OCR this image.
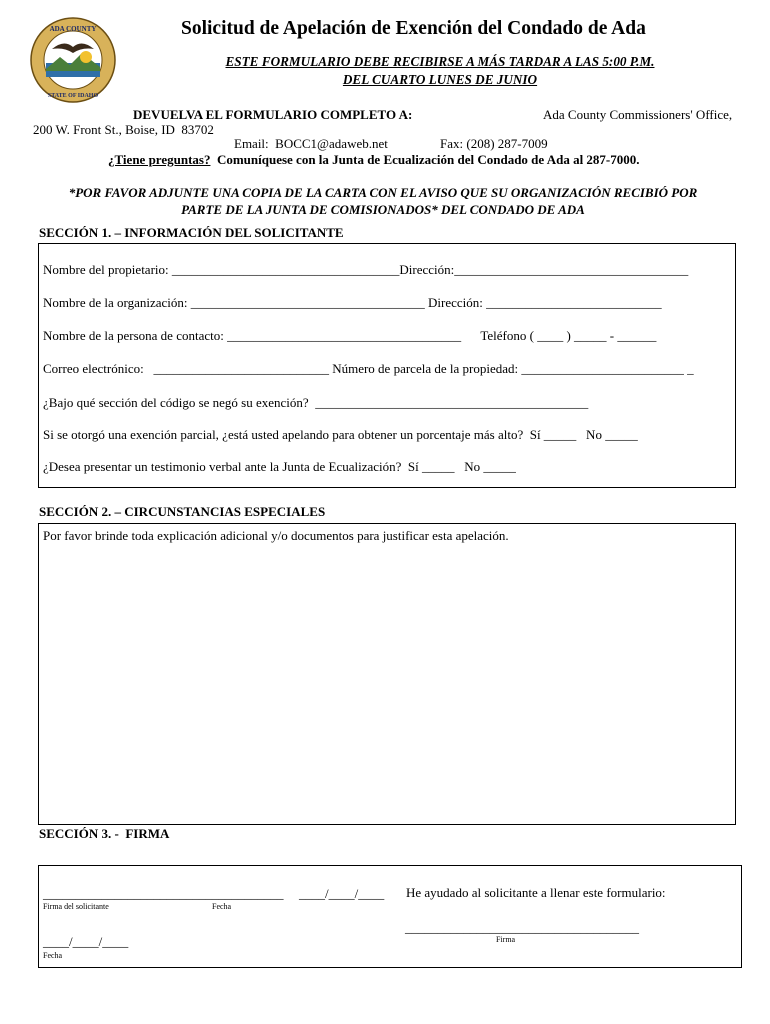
ADA COUNTY
STATE OF IDAHO
Solicitud de Apelación de Exención del Condado de Ada
ESTE FORMULARIO DEBE RECIBIRSE A MÁS TARDAR A LAS 5:00 P.M.
DEL CUARTO LUNES DE JUNIO
DEVUELVA EL FORMULARIO COMPLETO A:	Ada County Commissioners' Office,
200 W. Front St., Boise, ID  83702
Email:  BOCC1@adaweb.net	Fax: (208) 287-7009
¿Tiene preguntas?  Comuníquese con la Junta de Ecualización del Condado de Ada al 287-7000.
*POR FAVOR ADJUNTE UNA COPIA DE LA CARTA CON EL AVISO QUE SU ORGANIZACIÓN RECIBIÓ POR
PARTE DE LA JUNTA DE COMISIONADOS* DEL CONDADO DE ADA
SECCIÓN 1. – INFORMACIÓN DEL SOLICITANTE
Nombre del propietario: ___________________________________Dirección:____________________________________
Nombre de la organización: ____________________________________ Dirección: ___________________________
Nombre de la persona de contacto: ____________________________________      Teléfono ( ____ ) _____ - ______
Correo electrónico:   ___________________________ Número de parcela de la propiedad: _________________________ _
¿Bajo qué sección del código se negó su exención?  __________________________________________
Si se otorgó una exención parcial, ¿está usted apelando para obtener un porcentaje más alto?  Sí _____   No _____
¿Desea presentar un testimonio verbal ante la Junta de Ecualización?  Sí _____   No _____
SECCIÓN 2. – CIRCUNSTANCIAS ESPECIALES
Por favor brinde toda explicación adicional y/o documentos para justificar esta apelación.
SECCIÓN 3. -  FIRMA
_____________________________________ ____/____/____
Firma del solicitante	Fecha
He ayudado al solicitante a llenar este formulario:
____________________________________
Firma
____/____/____
Fecha
